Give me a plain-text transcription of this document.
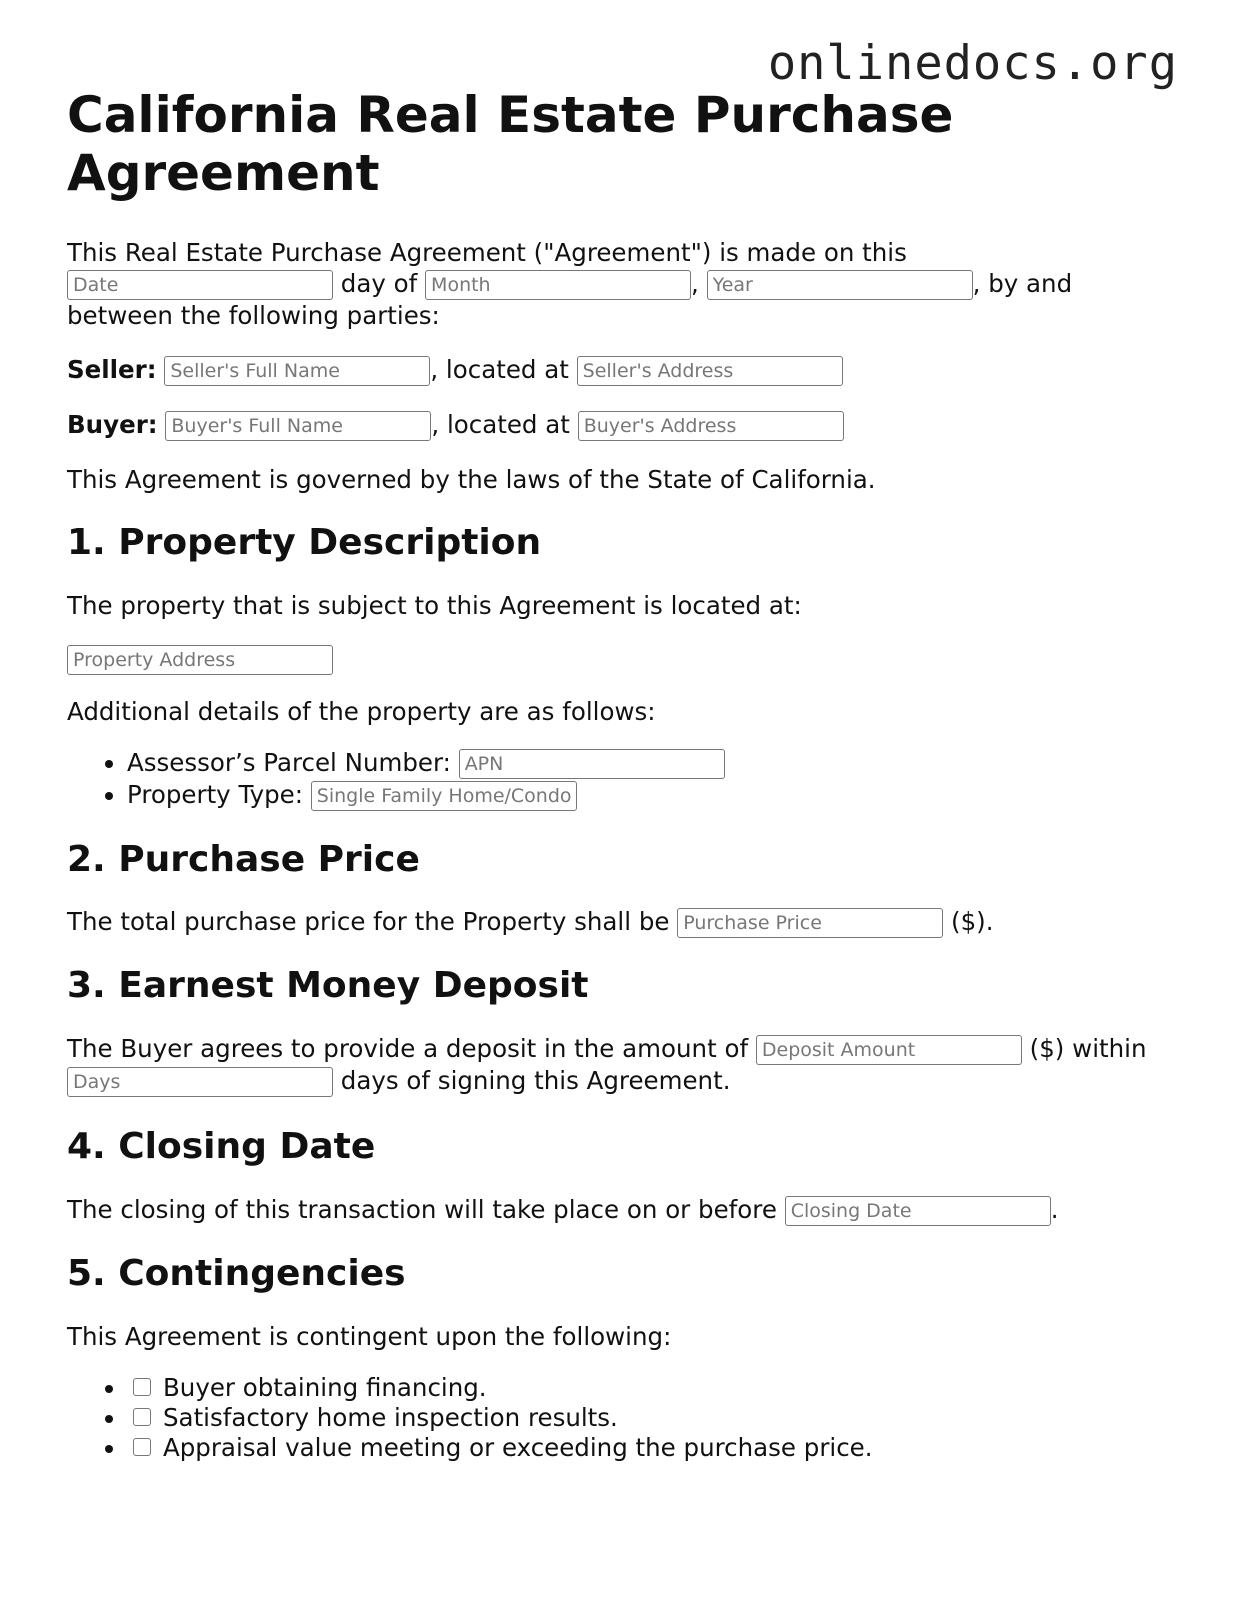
onlinedocs.org
California Real Estate Purchase Agreement

This Real Estate Purchase Agreement ("Agreement") is made on this
Date day of Month	, Year	, by and between the following parties:

Seller: Seller's Full Name	, located at Seller's Address

Buyer: Buyer's Full Name	, located at Buyer's Address

This Agreement is governed by the laws of the State of California.

1. Property Description

The property that is subject to this Agreement is located at:

Property Address

Additional details of the property are as follows:

• Assessor’s Parcel Number: APN
• Property Type: Single Family Home/Condo
2. Purchase Price

The total purchase price for the Property shall be Purchase Price	($).

3. Earnest Money Deposit

The Buyer agrees to provide a deposit in the amount of Deposit Amount	($) within Days days of signing this Agreement.

4. Closing Date

The closing of this transaction will take place on or before Closing Date	.

5. Contingencies

This Agreement is contingent upon the following:

• Buyer obtaining financing.
• Satisfactory home inspection results.
• Appraisal value meeting or exceeding the purchase price.
